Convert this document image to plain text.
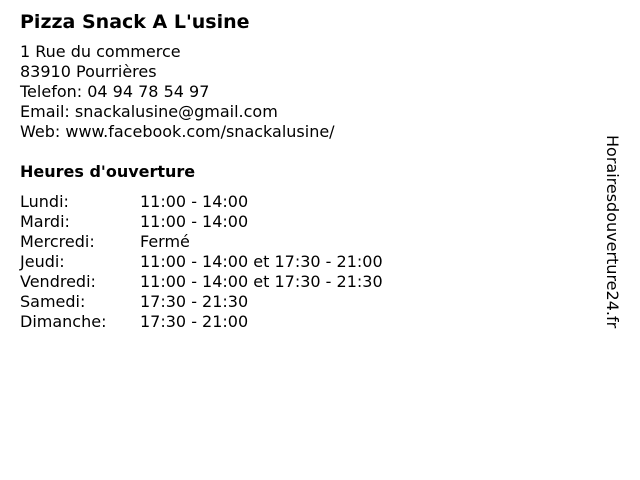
Pizza Snack A L'usine
1 Rue du commerce
83910 Pourrières
Telefon: 04 94 78 54 97
Email: snackalusine@gmail.com
Web: www.facebook.com/snackalusine/
Heures d'ouverture
Lundi:	11:00 - 14:00
Mardi:	11:00 - 14:00
Mercredi:	Fermé
Jeudi:	11:00 - 14:00 et 17:30 - 21:00
Vendredi:	11:00 - 14:00 et 17:30 - 21:30
Samedi:	17:30 - 21:30
Dimanche:	17:30 - 21:00	Horairesdouverture24.fr
